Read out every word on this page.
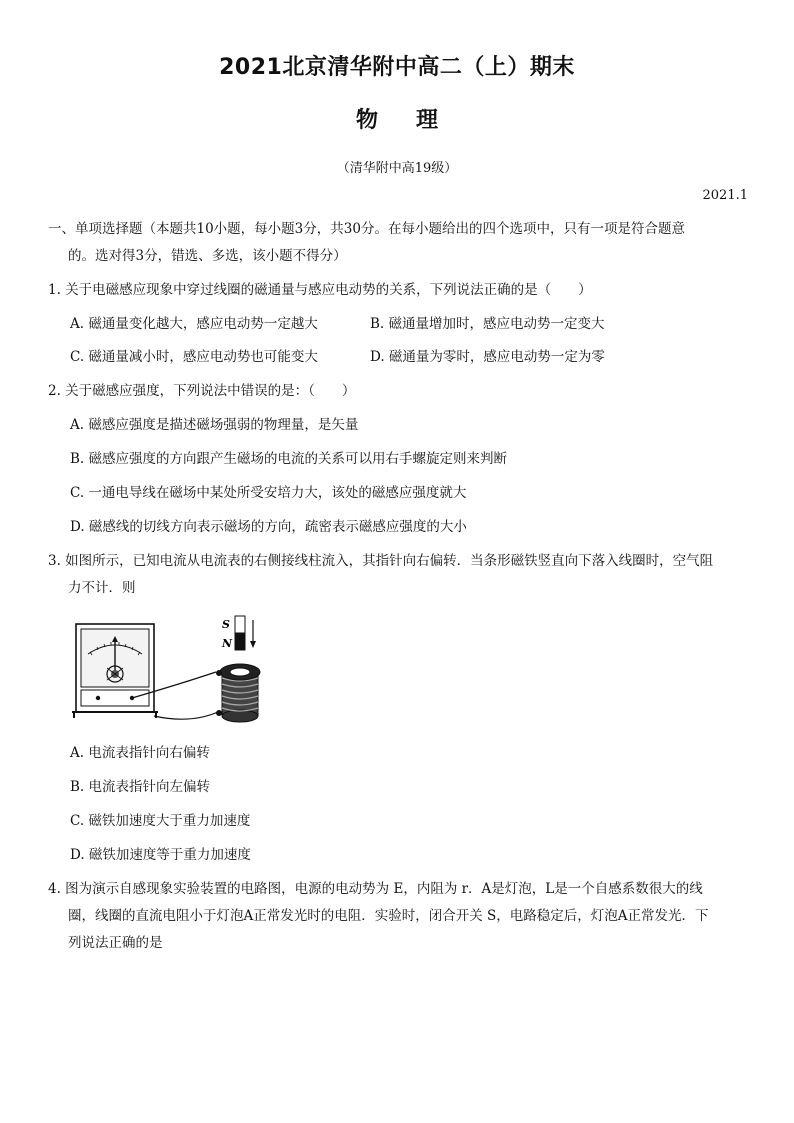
2021北京清华附中高二（上）期末
物理
（清华附中高19级）
2021.1
一、单项选择题（本题共10小题，每小题3分，共30分。在每小题给出的四个选项中，只有一项是符合题意
的。选对得3分，错选、多选，该小题不得分）
1. 关于电磁感应现象中穿过线圈的磁通量与感应电动势的关系，下列说法正确的是（　　）
A. 磁通量变化越大，感应电动势一定越大	B. 磁通量增加时，感应电动势一定变大
C. 磁通量减小时，感应电动势也可能变大	D. 磁通量为零时，感应电动势一定为零
2. 关于磁感应强度，下列说法中错误的是：（　　）
A. 磁感应强度是描述磁场强弱的物理量，是矢量
B. 磁感应强度的方向跟产生磁场的电流的关系可以用右手螺旋定则来判断
C. 一通电导线在磁场中某处所受安培力大，该处的磁感应强度就大
D. 磁感线的切线方向表示磁场的方向，疏密表示磁感应强度的大小
3. 如图所示，已知电流从电流表的右侧接线柱流入，其指针向右偏转．当条形磁铁竖直向下落入线圈时，空气阻
力不计．则
S
N
A. 电流表指针向右偏转
B. 电流表指针向左偏转
C. 磁铁加速度大于重力加速度
D. 磁铁加速度等于重力加速度
4. 图为演示自感现象实验装置的电路图，电源的电动势为 E，内阻为 r．A是灯泡，L是一个自感系数很大的线
圈，线圈的直流电阻小于灯泡A正常发光时的电阻．实验时，闭合开关 S，电路稳定后，灯泡A正常发光．下
列说法正确的是
